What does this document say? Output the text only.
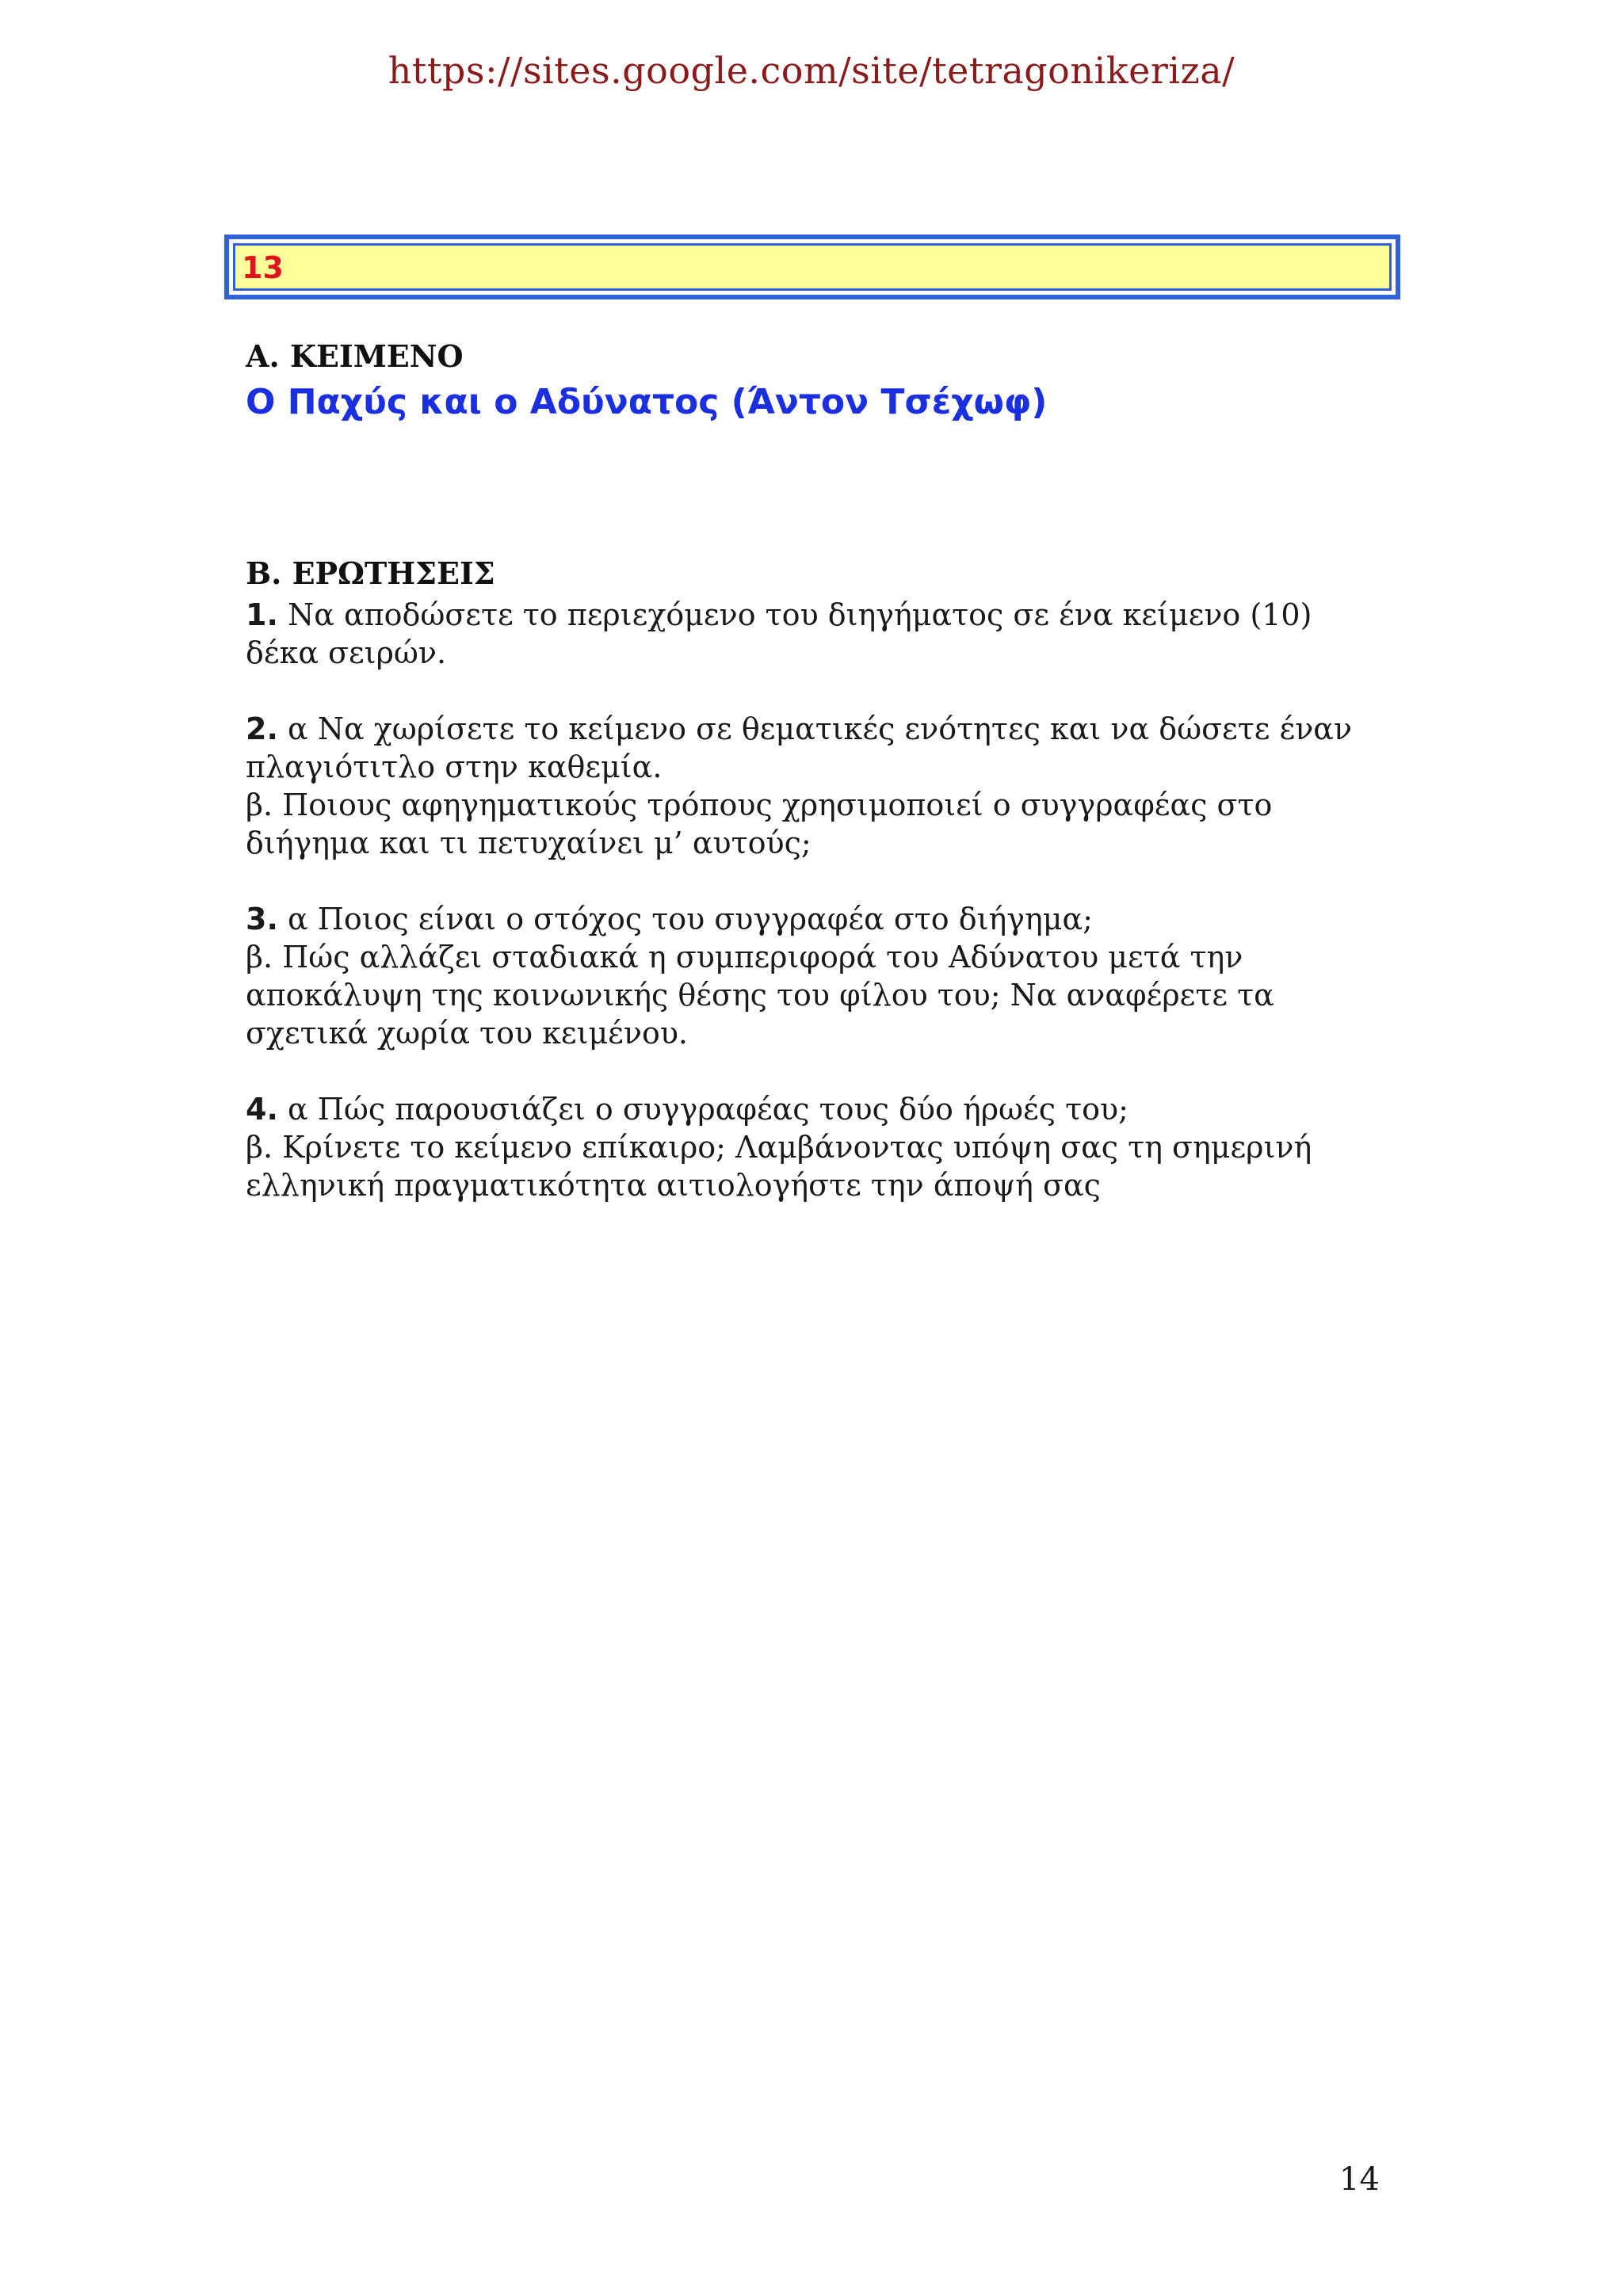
https://sites.google.com/site/tetragonikeriza/
13

Α. ΚΕΙΜΕΝΟ

Ο Παχύς και ο Αδύνατος (Άντον Τσέχωφ)

Β. ΕΡΩΤΗΣΕΙΣ

1. Να αποδώσετε το περιεχόμενο του διηγήματος σε ένα κείμενο (10)

δέκα σειρών.

2. α Να χωρίσετε το κείμενο σε θεματικές ενότητες και να δώσετε έναν

πλαγιότιτλο στην καθεμία.

β. Ποιους αφηγηματικούς τρόπους χρησιμοποιεί ο συγγραφέας στο

διήγημα και τι πετυχαίνει μ’ αυτούς;

3. α Ποιος είναι ο στόχος του συγγραφέα στο διήγημα;

β. Πώς αλλάζει σταδιακά η συμπεριφορά του Αδύνατου μετά την

αποκάλυψη της κοινωνικής θέσης του φίλου του; Να αναφέρετε τα

σχετικά χωρία του κειμένου.

4. α Πώς παρουσιάζει ο συγγραφέας τους δύο ήρωές του;

β. Κρίνετε το κείμενο επίκαιρο; Λαμβάνοντας υπόψη σας τη σημερινή

ελληνική πραγματικότητα αιτιολογήστε την άποψή σας

14
